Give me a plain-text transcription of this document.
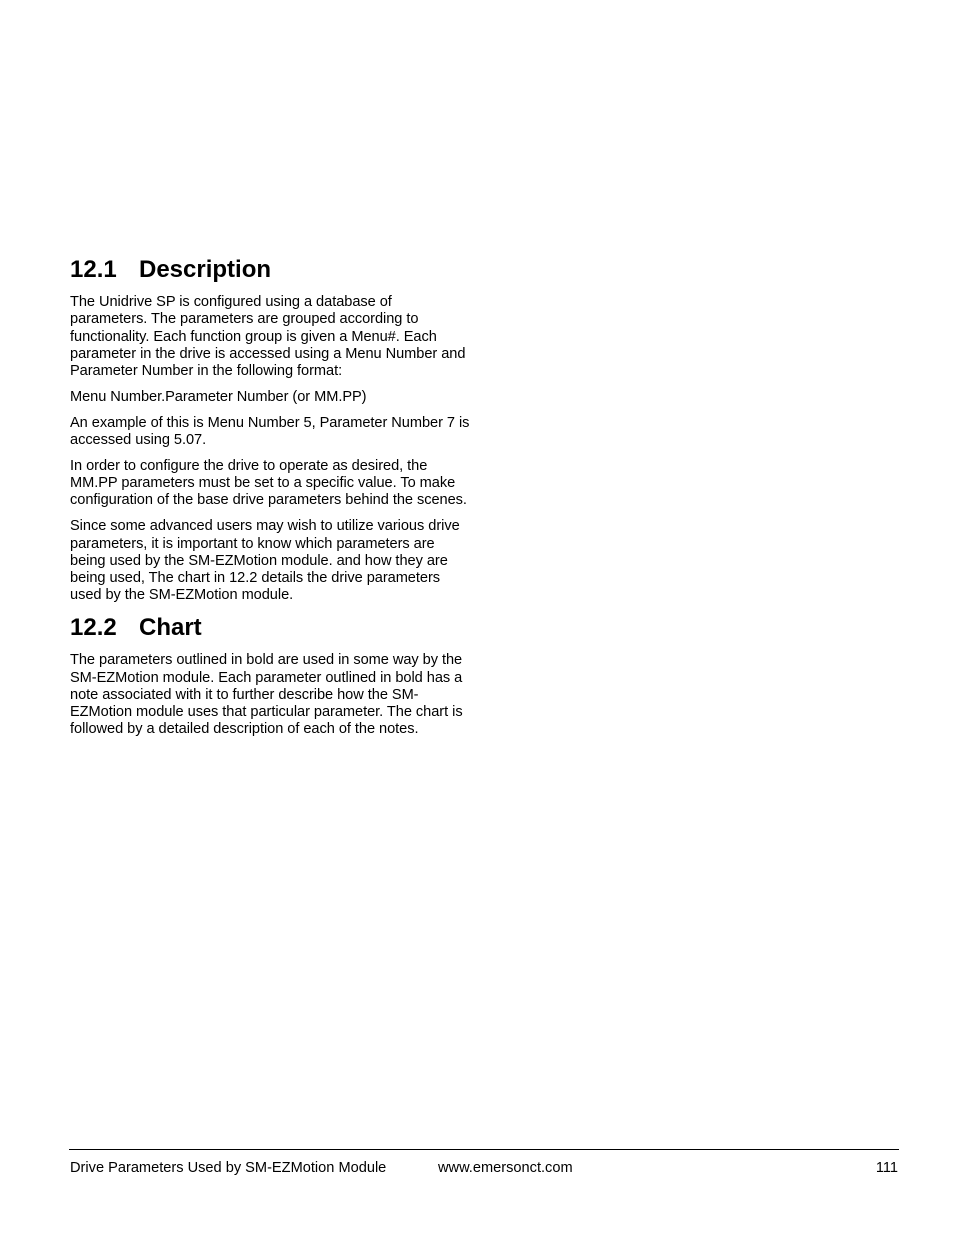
12.1 Description

The Unidrive SP is configured using a database of parameters. The parameters are grouped according to functionality. Each function group is given a Menu#. Each parameter in the drive is accessed using a Menu Number and Parameter Number in the following format:

Menu Number.Parameter Number (or MM.PP)

An example of this is Menu Number 5, Parameter Number 7 is accessed using 5.07.

In order to configure the drive to operate as desired, the MM.PP parameters must be set to a specific value. To make configuration of the base drive parameters behind the scenes.

Since some advanced users may wish to utilize various drive parameters, it is important to know which parameters are being used by the SM-EZMotion module. and how they are being used, The chart in 12.2 details the drive parameters used by the SM-EZMotion module.

12.2 Chart

The parameters outlined in bold are used in some way by the SM-EZMotion module. Each parameter outlined in bold has a note associated with it to further describe how the SM-EZMotion module uses that particular parameter. The chart is followed by a detailed description of each of the notes.

Drive Parameters Used by SM-EZMotion Module	www.emersonct.com	111
